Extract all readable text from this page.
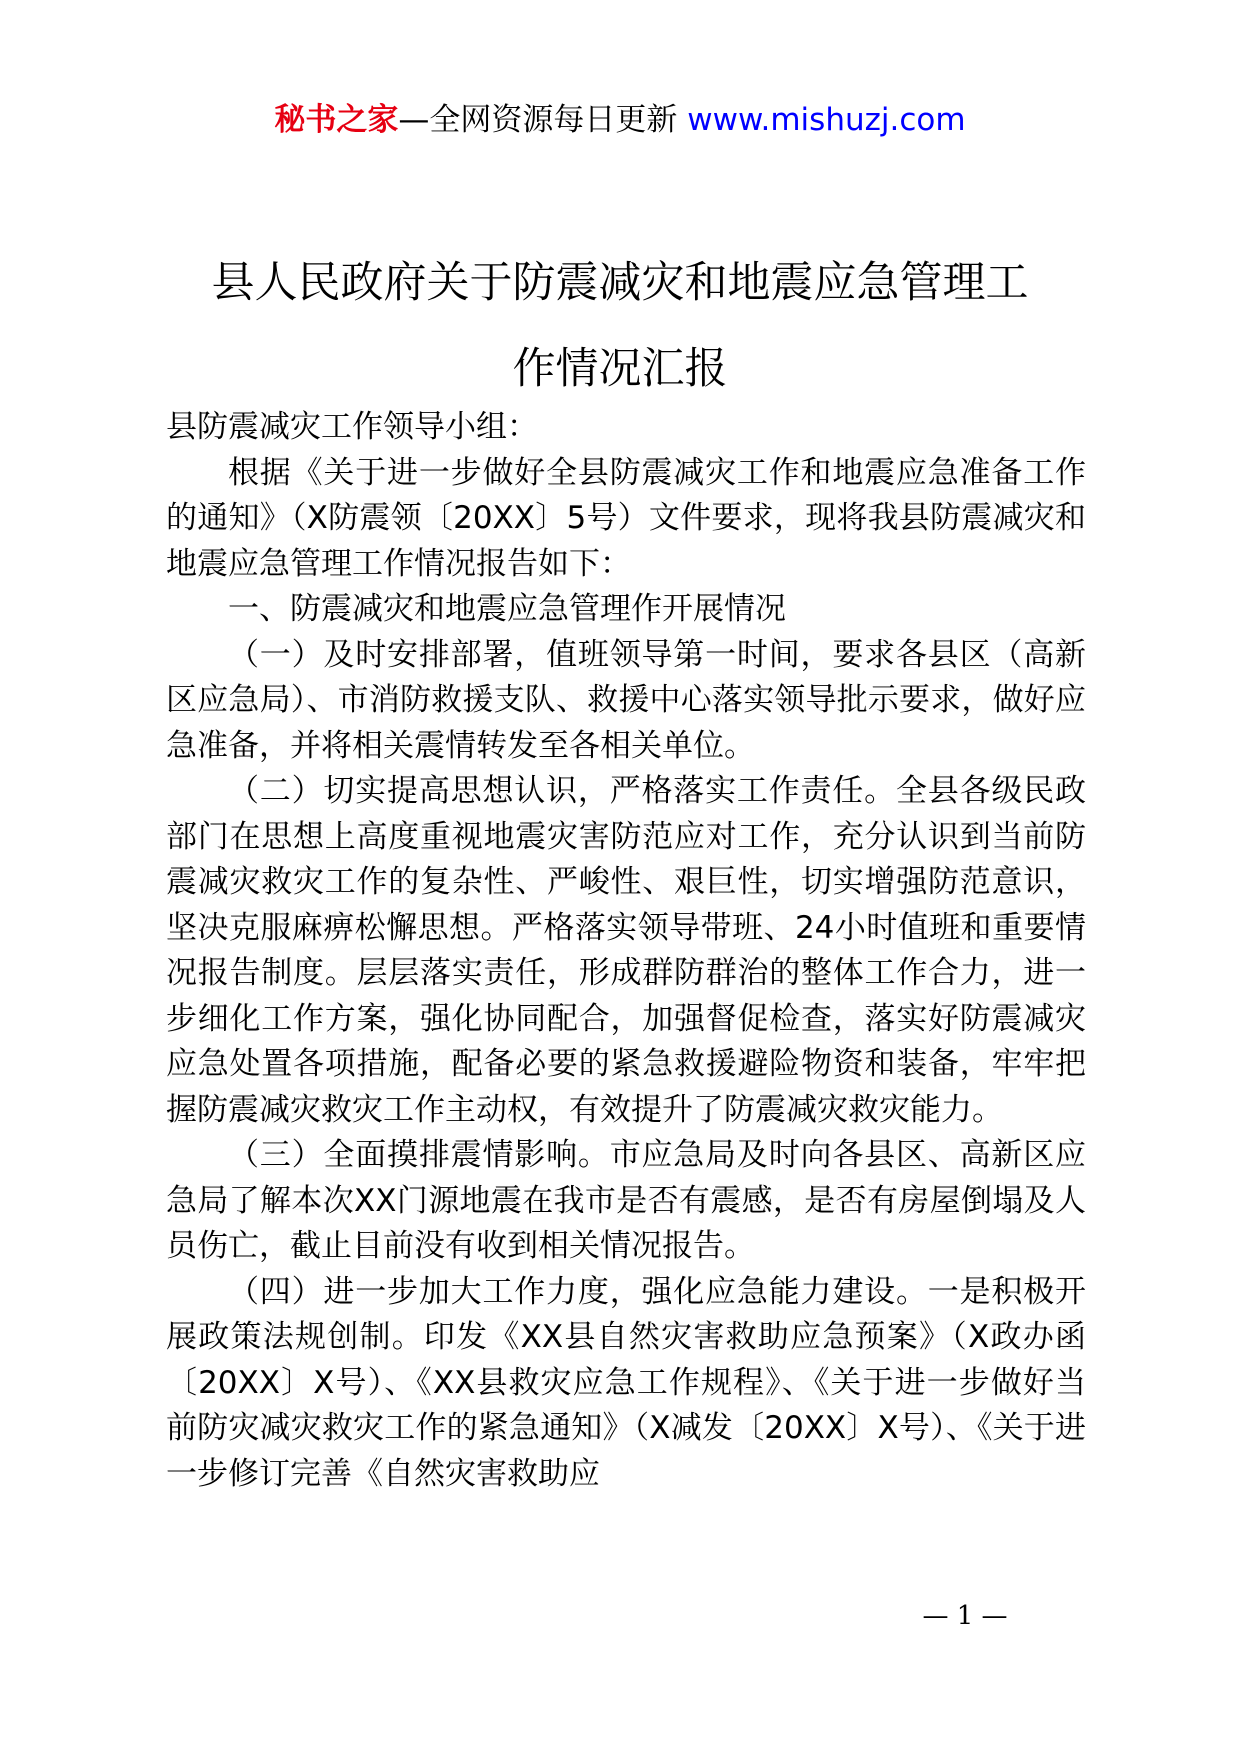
秘书之家—全网资源每日更新 www.mishuzj.com
县人民政府关于防震减灾和地震应急管理工
作情况汇报

县防震减灾工作领导小组：

根据《关于进一步做好全县防震减灾工作和地震应急准备工作的通知》（X防震领〔20XX〕5号）文件要求，现将我县防震减灾和地震应急管理工作情况报告如下：

一、防震减灾和地震应急管理作开展情况

（一）及时安排部署，值班领导第一时间，要求各县区（高新区应急局）、市消防救援支队、救援中心落实领导批示要求，做好应急准备，并将相关震情转发至各相关单位。

（二）切实提高思想认识，严格落实工作责任。全县各级民政部门在思想上高度重视地震灾害防范应对工作，充分认识到当前防震减灾救灾工作的复杂性、严峻性、艰巨性，切实增强防范意识，坚决克服麻痹松懈思想。严格落实领导带班、24小时值班和重要情况报告制度。层层落实责任，形成群防群治的整体工作合力，进一步细化工作方案，强化协同配合，加强督促检查，落实好防震减灾应急处置各项措施，配备必要的紧急救援避险物资和装备，牢牢把握防震减灾救灾工作主动权，有效提升了防震减灾救灾能力。

（三）全面摸排震情影响。市应急局及时向各县区、高新区应急局了解本次XX门源地震在我市是否有震感，是否有房屋倒塌及人员伤亡，截止目前没有收到相关情况报告。

（四）进一步加大工作力度，强化应急能力建设。一是积极开展政策法规创制。印发《XX县自然灾害救助应急预案》（X政办函〔20XX〕X号）、《XX县救灾应急工作规程》、《关于进一步做好当前防灾减灾救灾工作的紧急通知》（X减发〔20XX〕X号）、《关于进一步修订完善《自然灾害救助应

— 1 —
